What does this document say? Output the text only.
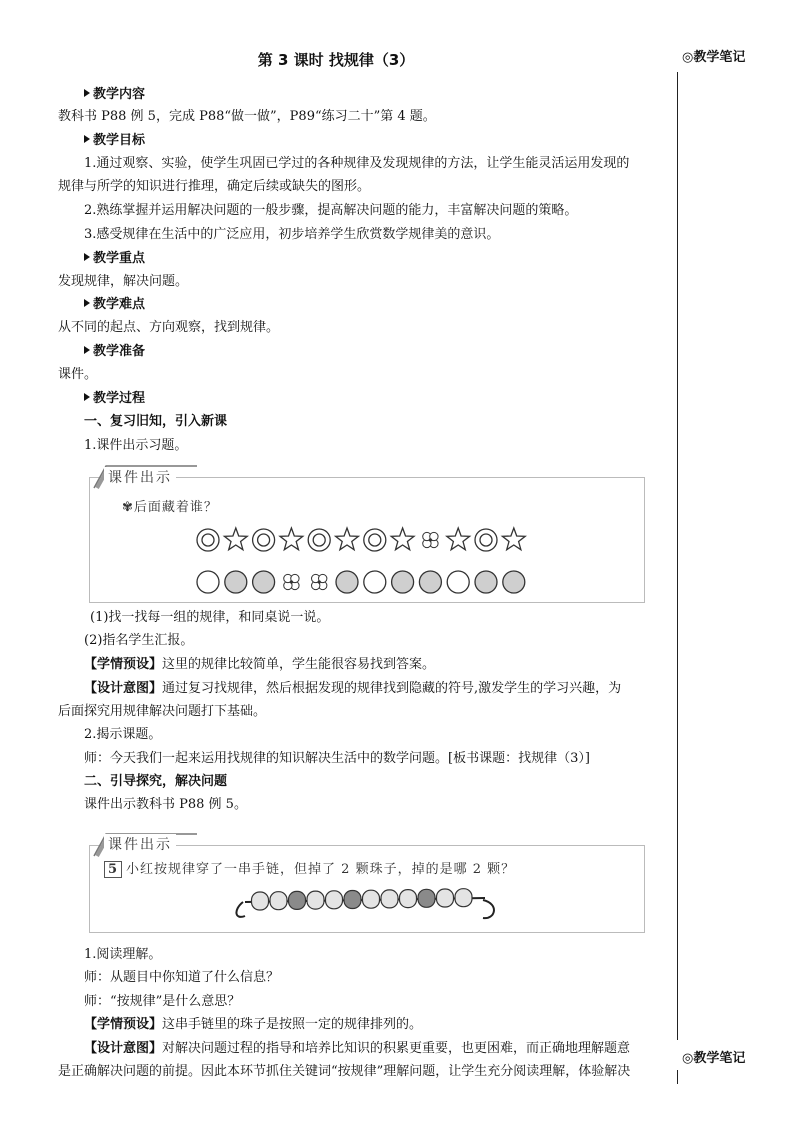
第 3 课时 找规律（3）	◎教学笔记
◎教学笔记
教学内容
教科书 P88 例 5，完成 P88“做一做”，P89“练习二十”第 4 题。
教学目标
1.通过观察、实验，使学生巩固已学过的各种规律及发现规律的方法，让学生能灵活运用发现的
规律与所学的知识进行推理，确定后续或缺失的图形。
2.熟练掌握并运用解决问题的一般步骤，提高解决问题的能力，丰富解决问题的策略。
3.感受规律在生活中的广泛应用，初步培养学生欣赏数学规律美的意识。
教学重点
发现规律，解决问题。
教学难点
从不同的起点、方向观察，找到规律。
教学准备
课件。
教学过程
一、复习旧知，引入新课
1.课件出示习题。
课件出示
✾后面藏着谁？
(1)找一找每一组的规律，和同桌说一说。
(2)指名学生汇报。
【学情预设】这里的规律比较简单，学生能很容易找到答案。
【设计意图】通过复习找规律，然后根据发现的规律找到隐藏的符号,激发学生的学习兴趣，为
后面探究用规律解决问题打下基础。
2.揭示课题。
师：今天我们一起来运用找规律的知识解决生活中的数学问题。[板书课题：找规律（3）]
二、引导探究，解决问题
课件出示教科书 P88 例 5。
课件出示
5 小红按规律穿了一串手链，但掉了 2 颗珠子，掉的是哪 2 颗？
1.阅读理解。
师：从题目中你知道了什么信息？
师：“按规律”是什么意思？
【学情预设】这串手链里的珠子是按照一定的规律排列的。
【设计意图】对解决问题过程的指导和培养比知识的积累更重要，也更困难，而正确地理解题意
是正确解决问题的前提。因此本环节抓住关键词“按规律”理解问题，让学生充分阅读理解，体验解决
